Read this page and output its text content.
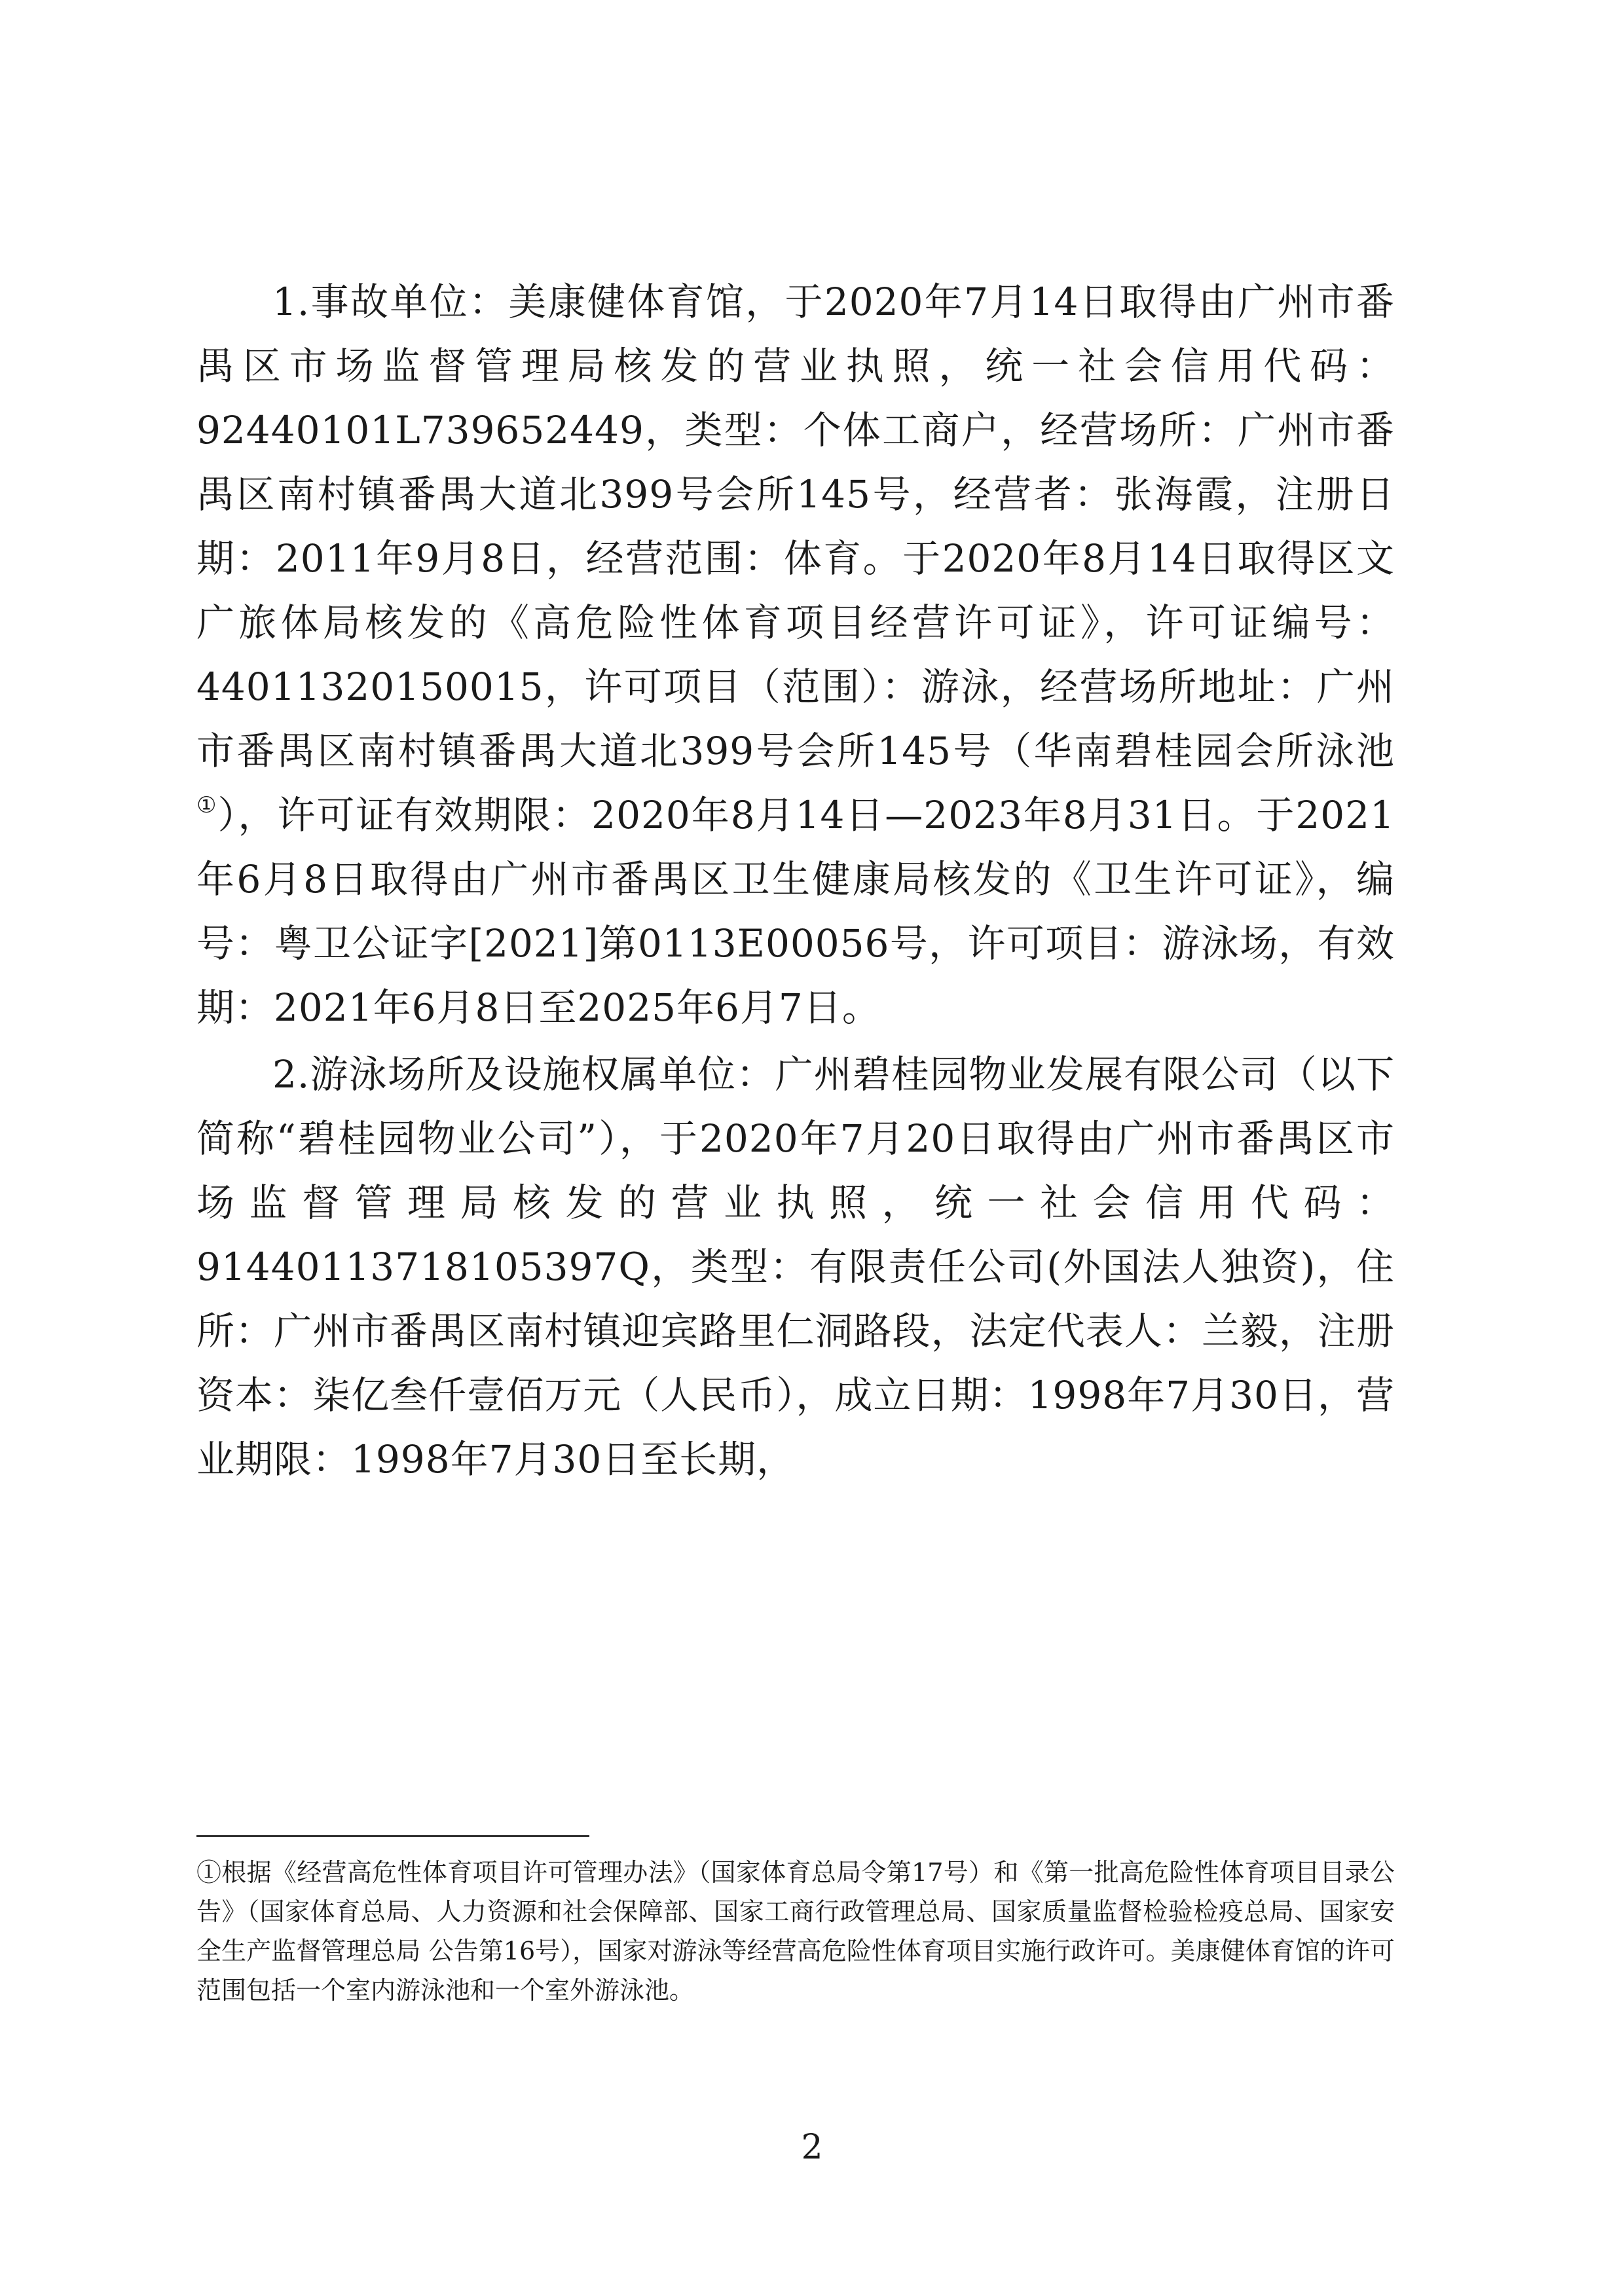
1.事故单位：美康健体育馆，于2020年7月14日取得由广州市番禺区市场监督管理局核发的营业执照，统一社会信用代码：92440101L739652449，类型：个体工商户，经营场所：广州市番禺区南村镇番禺大道北399号会所145号，经营者：张海霞，注册日期：2011年9月8日，经营范围：体育。于2020年8月14日取得区文广旅体局核发的《高危险性体育项目经营许可证》，许可证编号：44011320150015，许可项目（范围）：游泳，经营场所地址：广州市番禺区南村镇番禺大道北399号会所145号（华南碧桂园会所泳池①），许可证有效期限：2020年8月14日—2023年8月31日。于2021年6月8日取得由广州市番禺区卫生健康局核发的《卫生许可证》，编号：粤卫公证字[2021]第0113E00056号，许可项目：游泳场，有效期：2021年6月8日至2025年6月7日。

2.游泳场所及设施权属单位：广州碧桂园物业发展有限公司（以下简称“碧桂园物业公司”），于2020年7月20日取得由广州市番禺区市场监督管理局核发的营业执照，统一社会信用代码：91440113718105397Q，类型：有限责任公司(外国法人独资)，住所：广州市番禺区南村镇迎宾路里仁洞路段，法定代表人：兰毅，注册资本：柒亿叁仟壹佰万元（人民币），成立日期：1998年7月30日，营业期限：1998年7月30日至长期，

①根据《经营高危性体育项目许可管理办法》（国家体育总局令第17号）和《第一批高危险性体育项目目录公告》（国家体育总局、人力资源和社会保障部、国家工商行政管理总局、国家质量监督检验检疫总局、国家安全生产监督管理总局 公告第16号），国家对游泳等经营高危险性体育项目实施行政许可。美康健体育馆的许可范围包括一个室内游泳池和一个室外游泳池。

2
